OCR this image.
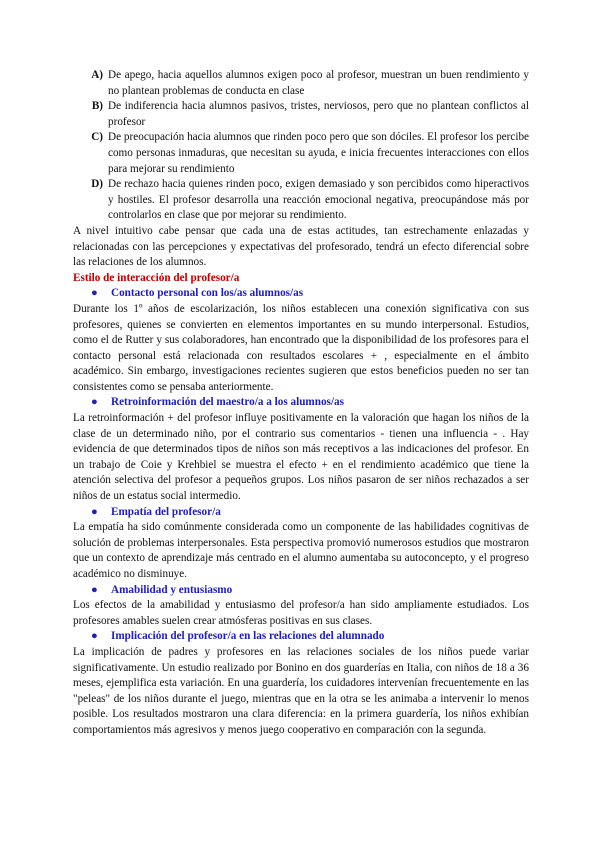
A) De apego, hacia aquellos alumnos exigen poco al profesor, muestran un buen rendimiento y no plantean problemas de conducta en clase
B) De indiferencia hacia alumnos pasivos, tristes, nerviosos, pero que no plantean conflictos al profesor
C) De preocupación hacia alumnos que rinden poco pero que son dóciles. El profesor los percibe como personas inmaduras, que necesitan su ayuda, e inicia frecuentes interacciones con ellos para mejorar su rendimiento
D) De rechazo hacia quienes rinden poco, exigen demasiado y son percibidos como hiperactivos y hostiles. El profesor desarrolla una reacción emocional negativa, preocupándose más por controlarlos en clase que por mejorar su rendimiento.

A nivel intuitivo cabe pensar que cada una de estas actitudes, tan estrechamente enlazadas y relacionadas con las percepciones y expectativas del profesorado, tendrá un efecto diferencial sobre las relaciones de los alumnos.

Estilo de interacción del profesor/a
● Contacto personal con los/as alumnos/as

Durante los 1º años de escolarización, los niños establecen una conexión significativa con sus profesores, quienes se convierten en elementos importantes en su mundo interpersonal. Estudios, como el de Rutter y sus colaboradores, han encontrado que la disponibilidad de los profesores para el contacto personal está relacionada con resultados escolares + , especialmente en el ámbito académico. Sin embargo, investigaciones recientes sugieren que estos beneficios pueden no ser tan consistentes como se pensaba anteriormente.

● Retroinformación del maestro/a a los alumnos/as

La retroinformación + del profesor influye positivamente en la valoración que hagan los niños de la clase de un determinado niño, por el contrario sus comentarios - tienen una influencia - . Hay evidencia de que determinados tipos de niños son más receptivos a las indicaciones del profesor. En un trabajo de Coie y Krehbiel se muestra el efecto + en el rendimiento académico que tiene la atención selectiva del profesor a pequeños grupos. Los niños pasaron de ser niños rechazados a ser niños de un estatus social intermedio.

● Empatía del profesor/a

La empatía ha sido comúnmente considerada como un componente de las habilidades cognitivas de solución de problemas interpersonales. Esta perspectiva promovió numerosos estudios que mostraron que un contexto de aprendizaje más centrado en el alumno aumentaba su autoconcepto, y el progreso académico no disminuye.

● Amabilidad y entusiasmo

Los efectos de la amabilidad y entusiasmo del profesor/a han sido ampliamente estudiados. Los profesores amables suelen crear atmósferas positivas en sus clases.

● Implicación del profesor/a en las relaciones del alumnado

La implicación de padres y profesores en las relaciones sociales de los niños puede variar significativamente. Un estudio realizado por Bonino en dos guarderías en Italia, con niños de 18 a 36 meses, ejemplifica esta variación. En una guardería, los cuidadores intervenían frecuentemente en las "peleas" de los niños durante el juego, mientras que en la otra se les animaba a intervenir lo menos posible. Los resultados mostraron una clara diferencia: en la primera guardería, los niños exhibían comportamientos más agresivos y menos juego cooperativo en comparación con la segunda.
